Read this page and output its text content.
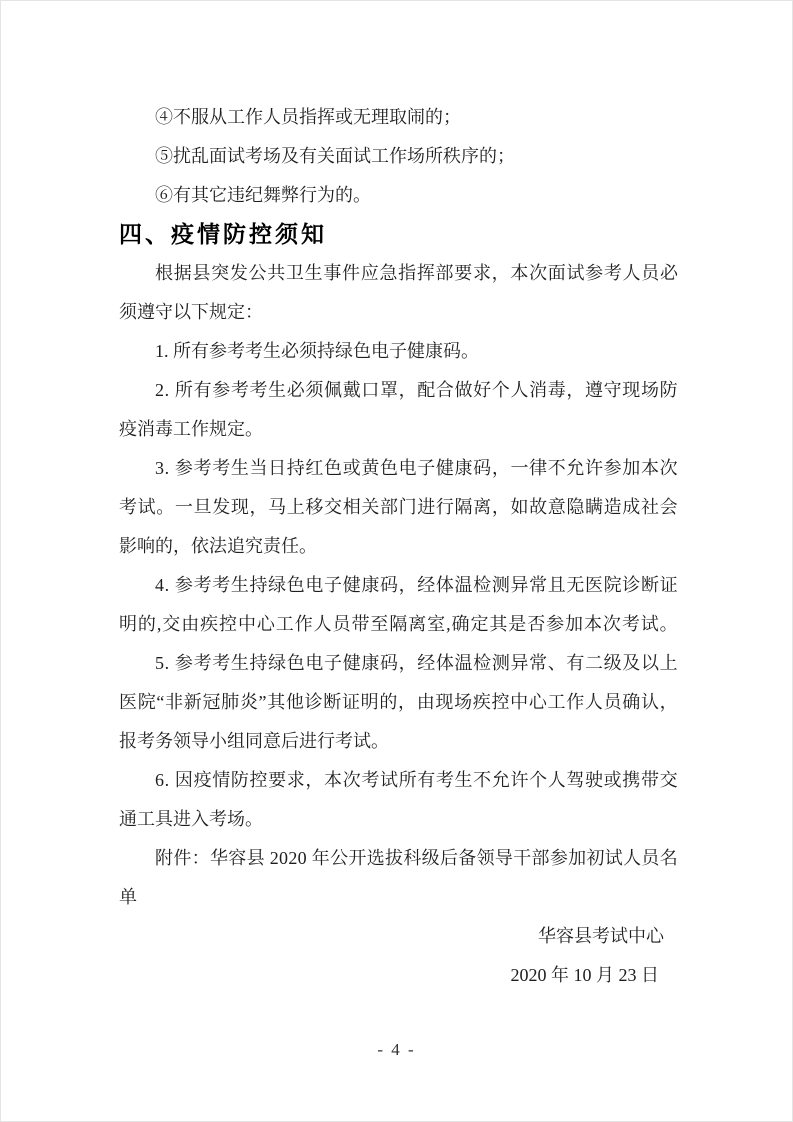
④不服从工作人员指挥或无理取闹的；
⑤扰乱面试考场及有关面试工作场所秩序的；
⑥有其它违纪舞弊行为的。
四、疫情防控须知
根 据 县 突 发 公 共 卫 生 事 件 应 急 指 挥 部 要 求 ， 本 次 面 试 参 考 人 员 必
须遵守以下规定：
1. 所有参考考生必须持绿色电子健康码。
2 .
所 有 参 考 考 生 必 须 佩 戴 口 罩 ， 配 合 做 好 个 人 消 毒 ， 遵 守 现 场 防
疫消毒工作规定。
3 .
参 考 考 生 当 日 持 红 色 或 黄 色 电 子 健 康 码 ， 一 律 不 允 许 参 加 本 次
考 试 。 一 旦 发 现 ， 马 上 移 交 相 关 部 门 进 行 隔 离 ， 如 故 意 隐 瞒 造 成 社 会
影响的，依法追究责任。
4 .
参 考 考 生 持 绿 色 电 子 健 康 码 ， 经 体 温 检 测 异 常 且 无 医 院 诊 断 证
明 的 , 交 由 疾 控 中 心 工 作 人 员 带 至 隔 离 室 , 确 定 其 是 否 参 加 本 次 考 试 。
5 .
参 考 考 生 持 绿 色 电 子 健 康 码 ， 经 体 温 检 测 异 常 、 有 二 级 及 以 上
医 院 “ 非 新 冠 肺 炎 ” 其 他 诊 断 证 明 的 ， 由 现 场 疾 控 中 心 工 作 人 员 确 认 ，
报考务领导小组同意后进行考试。
6 .
因 疫 情 防 控 要 求 ， 本 次 考 试 所 有 考 生 不 允 许 个 人 驾 驶 或 携 带 交
通工具进入考场。
附 件 ： 华 容 县
2 0 2 0
年 公 开 选 拔 科 级 后 备 领 导 干 部 参 加 初 试 人 员 名
单
华容县考试中心
2020 年 10 月 23 日
- 4 -
